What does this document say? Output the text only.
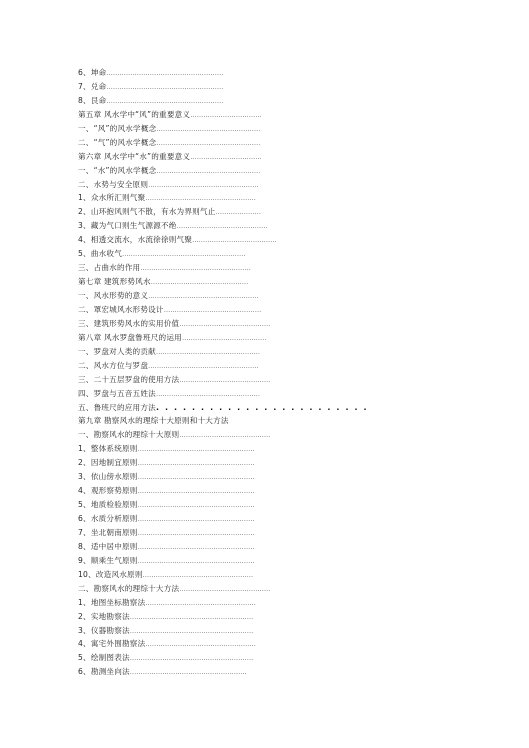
6、坤命………………………………………………
7、兑命………………………………………………
8、艮命………………………………………………
第五章 风水学中“风”的重要意义……………………………
一、“风”的风水学概念…………………………………………
二、“气”的风水学概念…………………………………………
第六章 风水学中“水”的重要意义……………………………
一、“水”的风水学概念…………………………………………
二、水势与安全原则……………………………………………
1、众水所汇则气聚……………………………………………
2、山环抱风则气不散，有水为界则气止…………………
3、藏为气口则生气源源不绝……………………………………
4、相透交流水，水流徐徐则气聚…………………………………
5、曲水收气…………………………………………………
三、占曲水的作用……………………………………………
第七章 建筑形势风水………………………………………
一、风水形势的意义……………………………………………
二、罩宏城风水形势设计………………………………………
三、建筑形势风水的实用价值……………………………………
第八章 风水罗盘鲁班尺的运用…………………………………
一、罗盘对人类的贡献…………………………………………
二、风水方位与罗盘……………………………………………
三、二十五层罗盘的使用方法……………………………………
四、罗盘与五音五姓法…………………………………………
五、鲁班尺的应用方法. . . . . . . . . . . . . . . . . . . . . . . .
第九章 勘察风水的理综十大原则和十大方法
一、勘察风水的理综十大原则……………………………………
1、整体系统原则………………………………………………
2、因地制宜原则………………………………………………
3、依山傍水原则………………………………………………
4、观形察势原则………………………………………………
5、地质检验原则………………………………………………
6、水质分析原则………………………………………………
7、坐北朝南原则………………………………………………
8、适中居中原则………………………………………………
9、顺乘生气原则………………………………………………
10、改造风水原则……………………………………………
二、勘察风水的理综十大方法……………………………………
1、地图坐标勘察法……………………………………………
2、实地勘察法…………………………………………………
3、仪器勘察法…………………………………………………
4、寓宅外围勘察法……………………………………………
5、绘制图表法…………………………………………………
6、勘测坐向法………………………………………………
